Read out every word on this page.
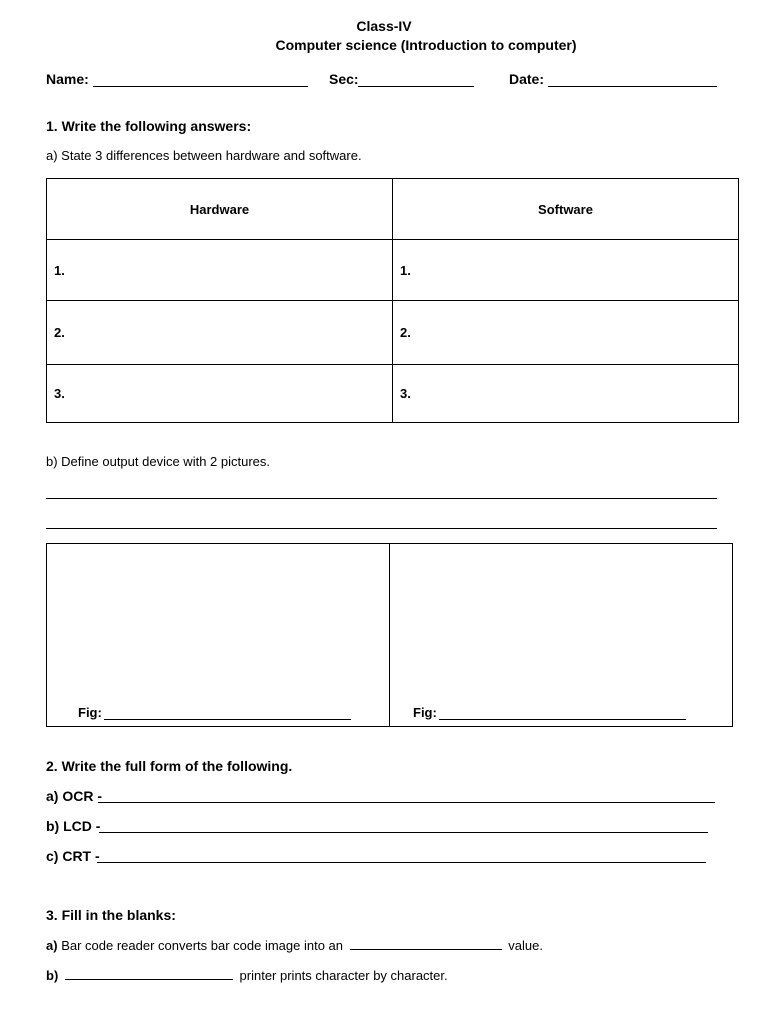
Class-IV
Computer science (Introduction to computer)
Name:	Sec:	Date:
1. Write the following answers:
a) State 3 differences between hardware and software.
Hardware	Software
1.	1.
2.	2.
3.	3.
b) Define output device with 2 pictures.
Fig:	Fig:
2. Write the full form of the following.
a) OCR -
b) LCD -
c) CRT -
3. Fill in the blanks:
a) Bar code reader converts bar code image into an	value.
b)	printer prints character by character.
